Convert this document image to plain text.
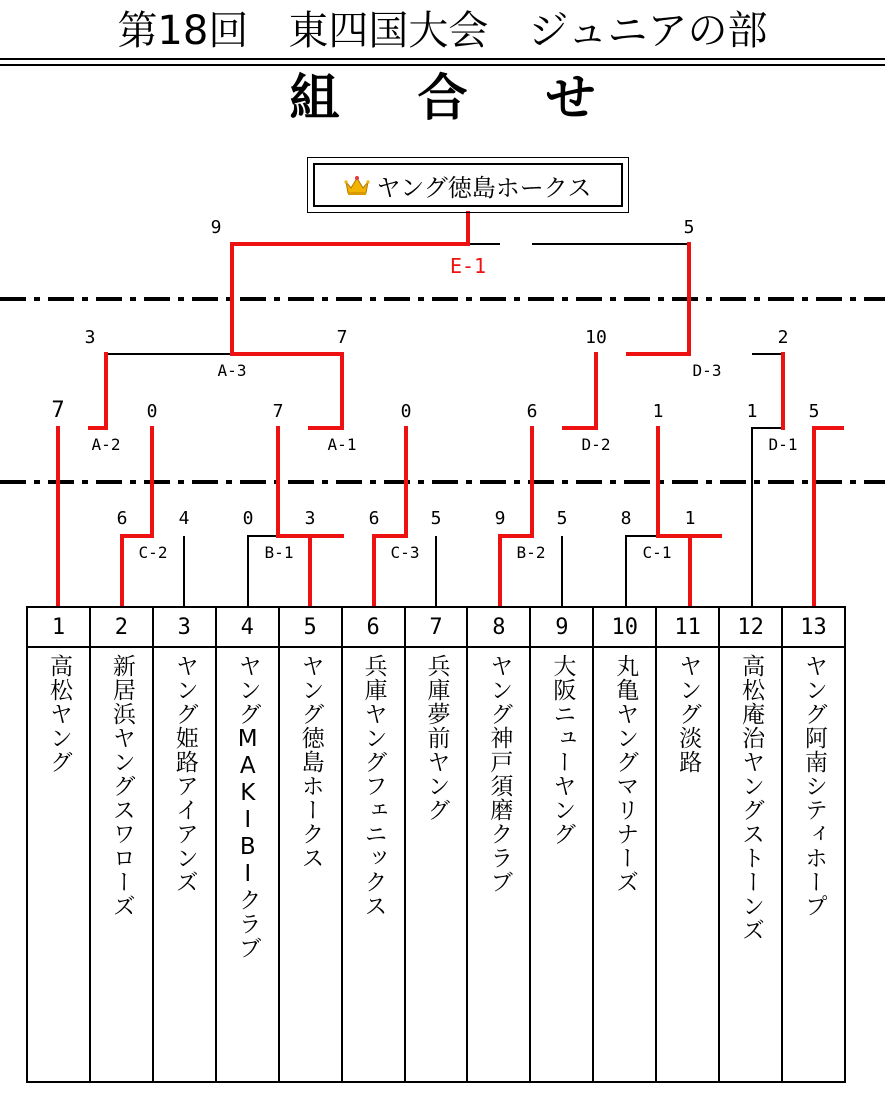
第18回　東四国大会　ジュニアの部
組合せ
C-2	B-1	C-3	B-2	C-1
A-2	A-1	D-2	D-1
A-3	D-3
E-1
6	4	0	3	6	5	9	5	8	1
7	0	7	0	6	1	1	5
3	7	10	2
9	5
ヤング徳島ホークス
1
高松ヤング
2
新居浜ヤングスワローズ
3
ヤング姫路アイアンズ
4
ヤングMAKIBIクラブ
5
ヤング徳島ホークス
6
兵庫ヤングフェニックス
7
兵庫夢前ヤング
8
ヤング神戸須磨クラブ
9
大阪ニューヤング
10
丸亀ヤングマリナーズ
11
ヤング淡路
12
高松庵治ヤングストーンズ
13
ヤング阿南シティホープ
